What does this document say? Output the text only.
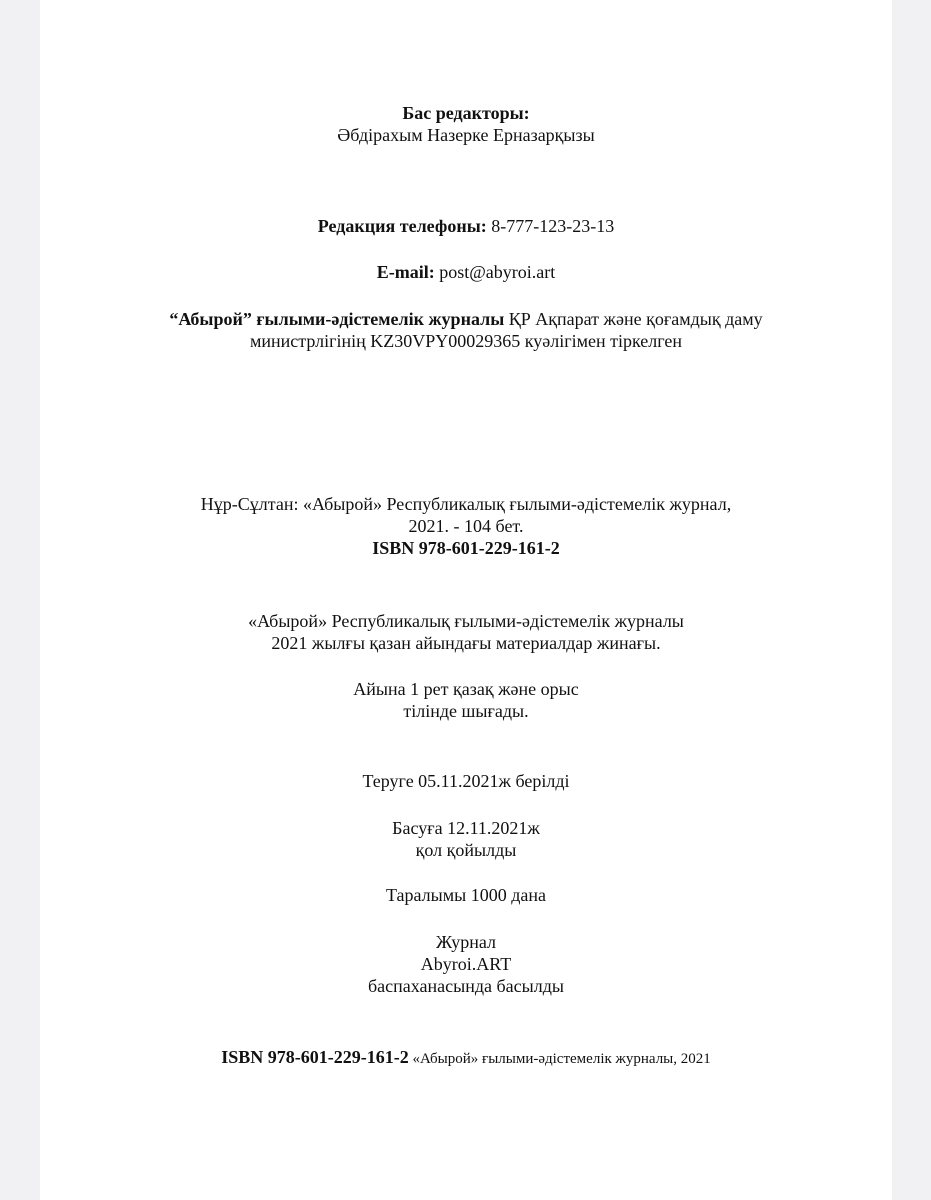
Бас редакторы:
Әбдірахым Назерке Ерназарқызы
Редакция телефоны: 8-777-123-23-13
E-mail: post@abyroi.art
“Абырой” ғылыми-әдістемелік журналы ҚР Ақпарат және қоғамдық даму
министрлігінің KZ30VPY00029365 куәлігімен тіркелген
Нұр-Сұлтан: «Абырой» Республикалық ғылыми-әдістемелік журнал,
2021. - 104 бет.
ISBN 978-601-229-161-2
«Абырой» Республикалық ғылыми-әдістемелік журналы
2021 жылғы қазан айындағы материалдар жинағы.
Айына 1 рет қазақ және орыс
тілінде шығады.
Теруге 05.11.2021ж берілді
Басуға 12.11.2021ж
қол қойылды
Таралымы 1000 дана
Журнал
Abyroi.ART
баспаханасында басылды
ISBN 978-601-229-161-2 «Абырой» ғылыми-әдістемелік журналы, 2021
